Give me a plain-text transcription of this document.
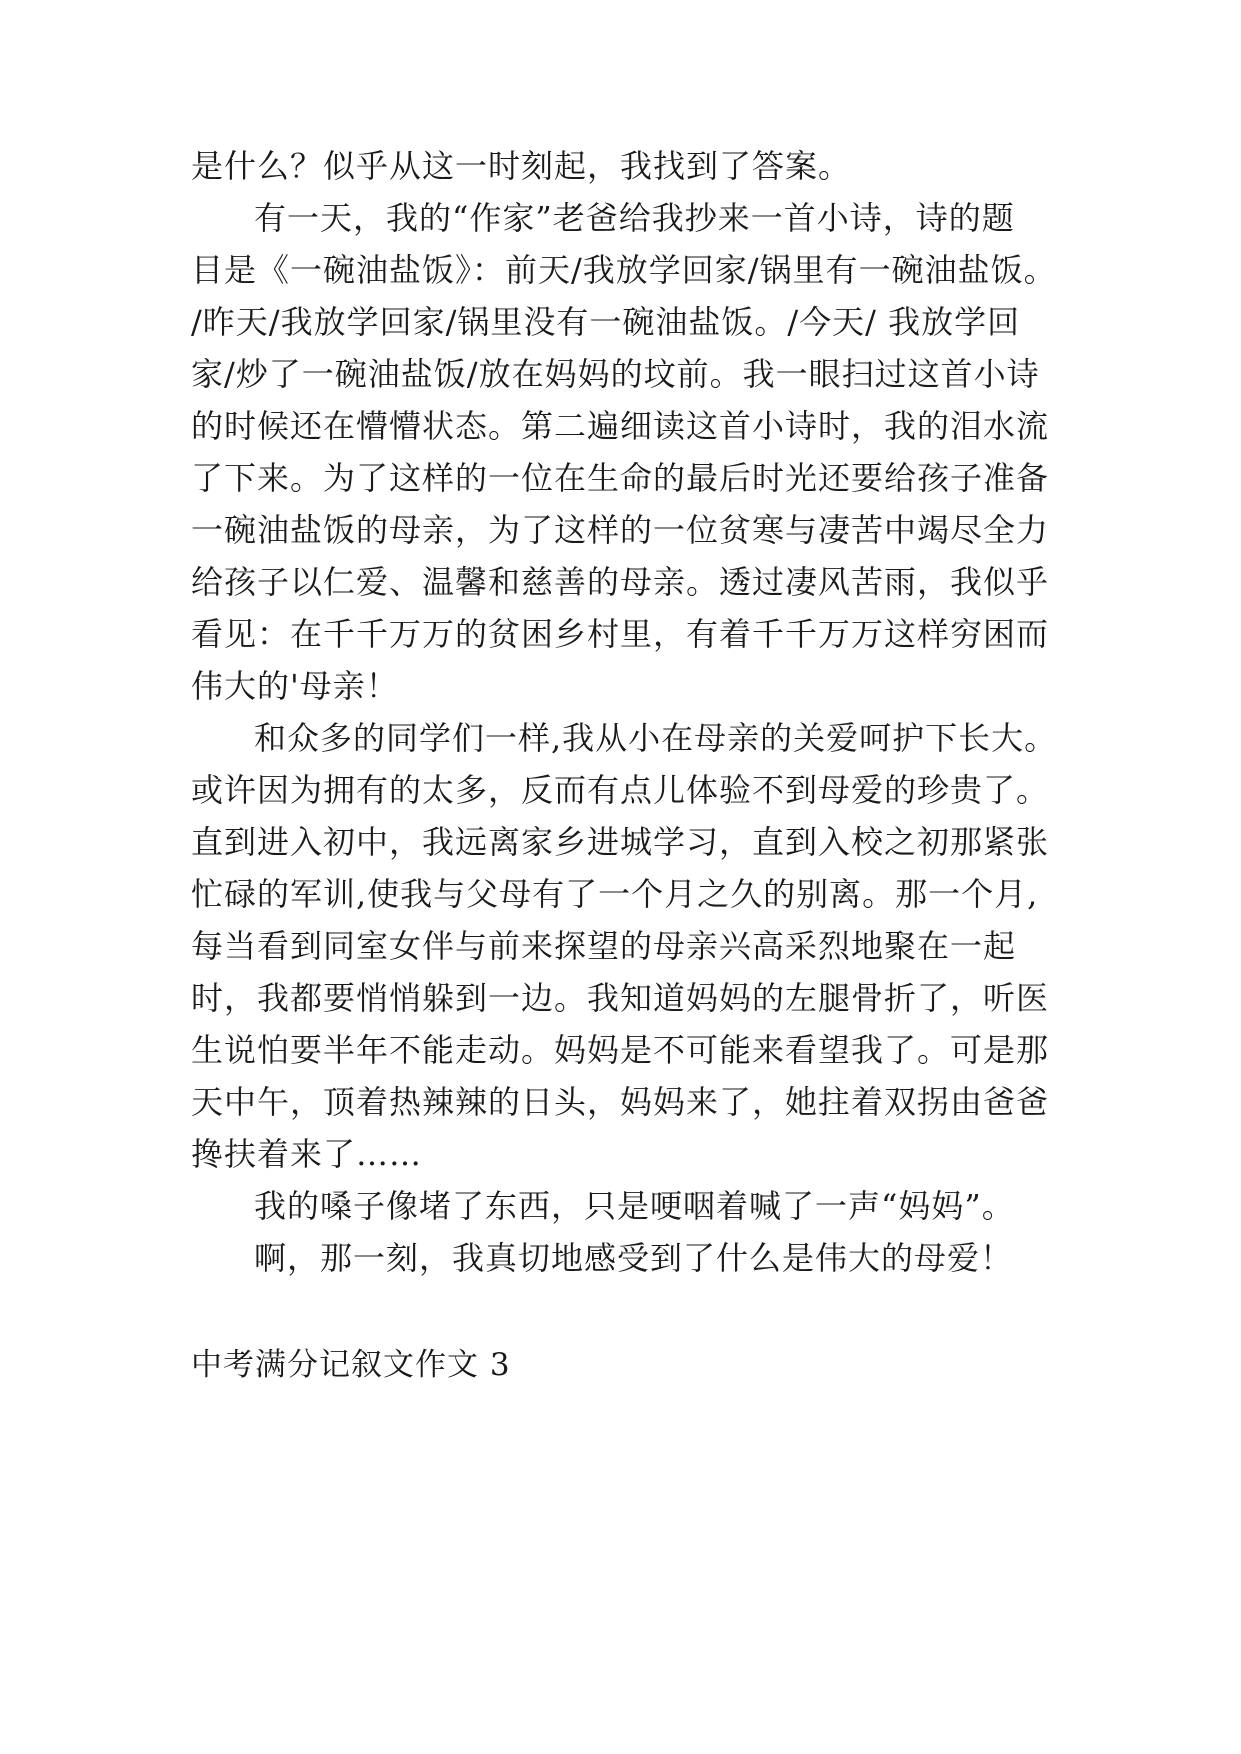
是什么？似乎从这一时刻起，我找到了答案。
有一天，我的“作家”老爸给我抄来一首小诗，诗的题
目是《一碗油盐饭》：前天/我放学回家/锅里有一碗油盐饭。
/昨天/我放学回家/锅里没有一碗油盐饭。/今天/ 我放学回
家/炒了一碗油盐饭/放在妈妈的坟前。我一眼扫过这首小诗
的时候还在懵懵状态。第二遍细读这首小诗时，我的泪水流
了下来。为了这样的一位在生命的最后时光还要给孩子准备
一碗油盐饭的母亲，为了这样的一位贫寒与凄苦中竭尽全力
给孩子以仁爱、温馨和慈善的母亲。透过凄风苦雨，我似乎
看见：在千千万万的贫困乡村里，有着千千万万这样穷困而
伟大的'母亲！
和众多的同学们一样,我从小在母亲的关爱呵护下长大。
或许因为拥有的太多，反而有点儿体验不到母爱的珍贵了。
直到进入初中，我远离家乡进城学习，直到入校之初那紧张
忙碌的军训,使我与父母有了一个月之久的别离。那一个月,
每当看到同室女伴与前来探望的母亲兴高采烈地聚在一起
时，我都要悄悄躲到一边。我知道妈妈的左腿骨折了，听医
生说怕要半年不能走动。妈妈是不可能来看望我了。可是那
天中午，顶着热辣辣的日头，妈妈来了，她拄着双拐由爸爸
搀扶着来了……
我的嗓子像堵了东西，只是哽咽着喊了一声“妈妈”。
啊，那一刻，我真切地感受到了什么是伟大的母爱！
中考满分记叙文作文 3
